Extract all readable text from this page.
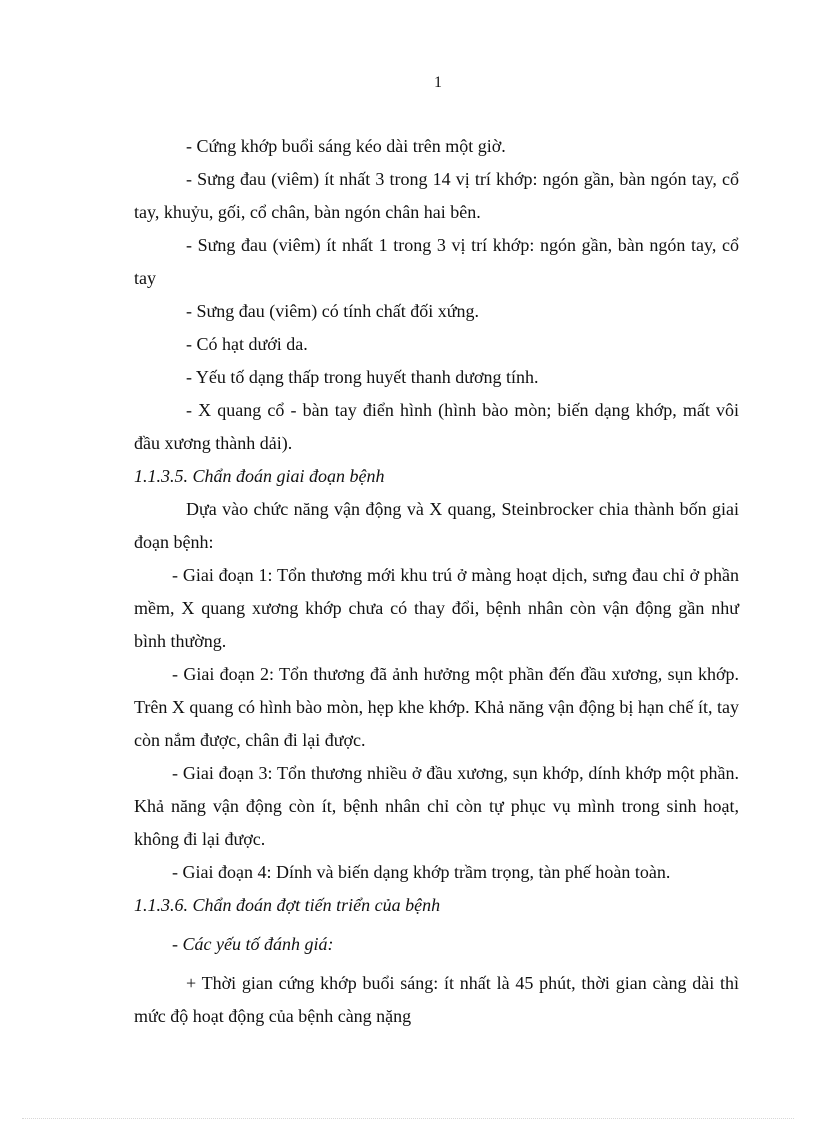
1

- Cứng khớp buổi sáng kéo dài trên một giờ.

- Sưng đau (viêm) ít nhất 3 trong 14 vị trí khớp: ngón gần, bàn ngón tay, cổ tay, khuỷu, gối, cổ chân, bàn ngón chân hai bên.

- Sưng đau (viêm) ít nhất 1 trong 3 vị trí khớp: ngón gần, bàn ngón tay, cổ tay

- Sưng đau (viêm) có tính chất đối xứng.

- Có hạt dưới da.

- Yếu tố dạng thấp trong huyết thanh dương tính.

- X quang cổ - bàn tay điển hình (hình bào mòn; biến dạng khớp, mất vôi đầu xương thành dải).

1.1.3.5. Chẩn đoán giai đoạn bệnh

Dựa vào chức năng vận động và X quang, Steinbrocker chia thành bốn giai đoạn bệnh:

- Giai đoạn 1: Tổn thương mới khu trú ở màng hoạt dịch, sưng đau chỉ ở phần mềm, X quang xương khớp chưa có thay đổi, bệnh nhân còn vận động gần như bình thường.

- Giai đoạn 2: Tổn thương đã ảnh hưởng một phần đến đầu xương, sụn khớp. Trên X quang có hình bào mòn, hẹp khe khớp. Khả năng vận động bị hạn chế ít, tay còn nắm được, chân đi lại được.

- Giai đoạn 3: Tổn thương nhiều ở đầu xương, sụn khớp, dính khớp một phần. Khả năng vận động còn ít, bệnh nhân chỉ còn tự phục vụ mình trong sinh hoạt, không đi lại được.

- Giai đoạn 4: Dính và biến dạng khớp trầm trọng, tàn phế hoàn toàn.

1.1.3.6. Chẩn đoán đợt tiến triển của bệnh

- Các yếu tố đánh giá:

+ Thời gian cứng khớp buổi sáng: ít nhất là 45 phút, thời gian càng dài thì mức độ hoạt động của bệnh càng nặng
